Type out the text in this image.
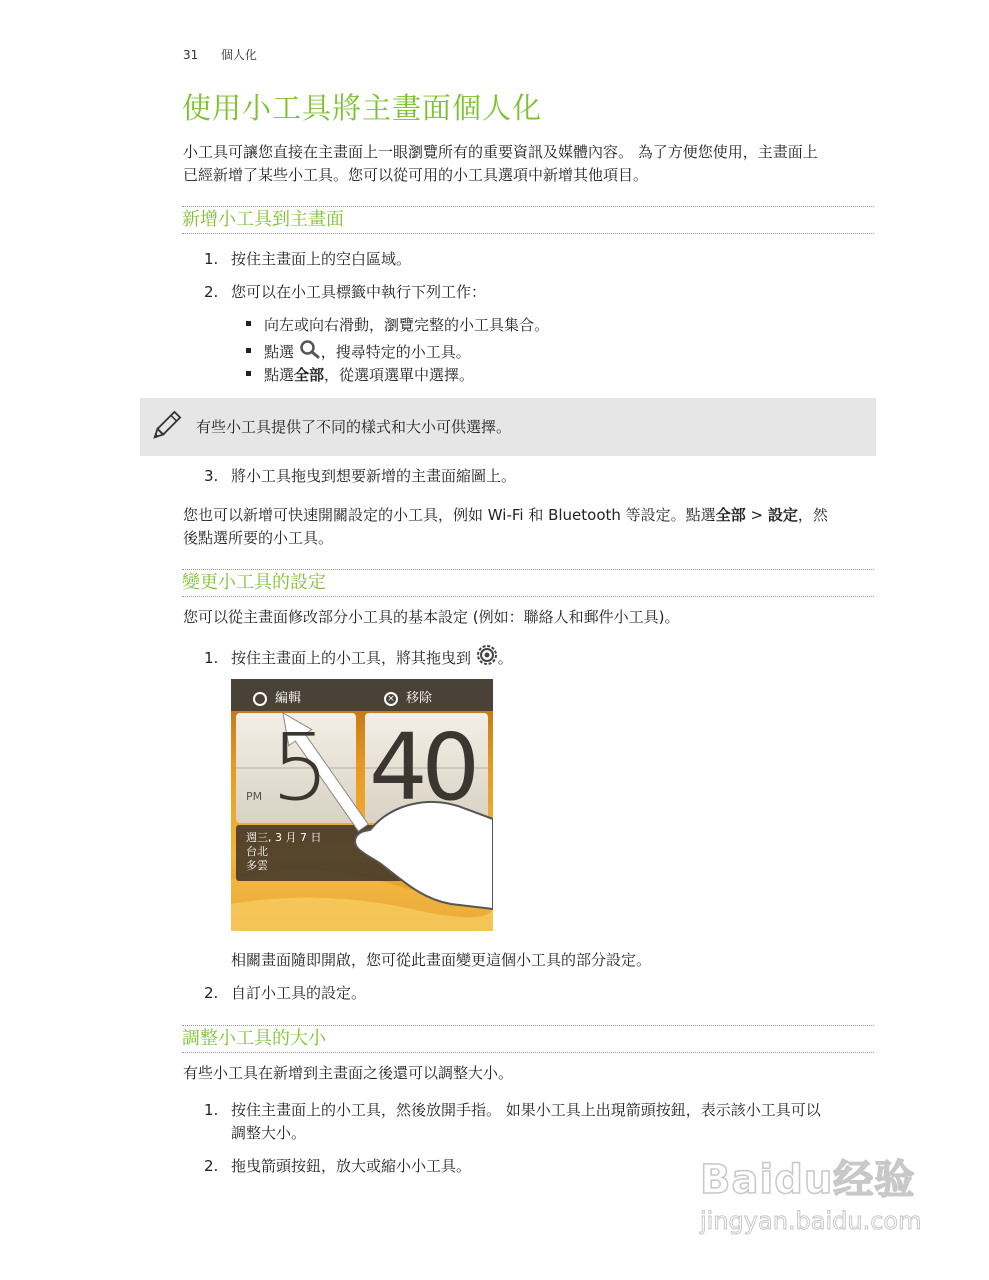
31 個人化
使用小工具將主畫面個人化
小工具可讓您直接在主畫面上一眼瀏覽所有的重要資訊及媒體內容。 為了方便您使用，主畫面上
已經新增了某些小工具。您可以從可用的小工具選項中新增其他項目。
新增小工具到主畫面
1. 按住主畫面上的空白區域。
2. 您可以在小工具標籤中執行下列工作：
向左或向右滑動，瀏覽完整的小工具集合。
點選 ，搜尋特定的小工具。
點選全部，從選項選單中選擇。
有些小工具提供了不同的樣式和大小可供選擇。
3. 將小工具拖曳到想要新增的主畫面縮圖上。
您也可以新增可快速開關設定的小工具，例如 Wi-Fi 和 Bluetooth 等設定。點選全部 > 設定，然
後點選所要的小工具。
變更小工具的設定
您可以從主畫面修改部分小工具的基本設定 (例如：聯絡人和郵件小工具)。
1. 按住主畫面上的小工具，將其拖曳到 。
編輯	× 移除
5 40
PM
週三, 3 月 7 日
台北
多雲
相關畫面隨即開啟，您可從此畫面變更這個小工具的部分設定。
2. 自訂小工具的設定。
調整小工具的大小
有些小工具在新增到主畫面之後還可以調整大小。
1. 按住主畫面上的小工具，然後放開手指。 如果小工具上出現箭頭按鈕，表示該小工具可以
調整大小。
2. 拖曳箭頭按鈕，放大或縮小小工具。	Baidu经验
jingyan.baidu.com
